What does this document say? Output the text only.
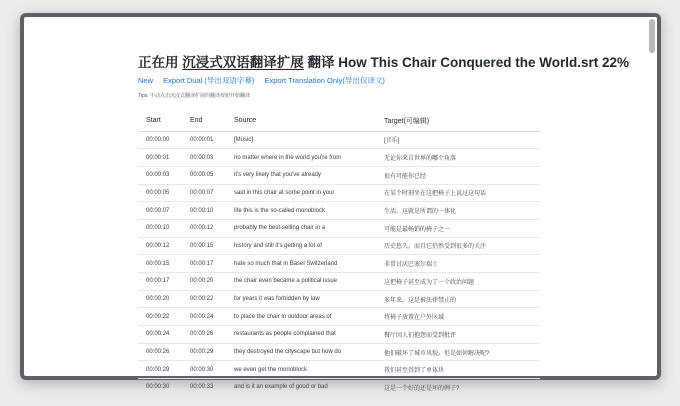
正在用 沉浸式双语翻译扩展 翻译 How This Chair Conquered the World.srt 22%
New Export Dual (导出双语字幕) Export Translation Only(导出仅译文)
Tips: 手动点击沉浸式翻译扩展的翻译按钮开始翻译
Start	End	Source	Target(可编辑)
00:00:00	00:00:01	[Music]	[音乐]
00:00:01	00:00:03	no matter where in the world you're from	无论你来自世界的哪个角落
00:00:03	00:00:05	it's very likely that you've already	很有可能你已经
00:00:05	00:00:07	said in this chair at some point in your	在某个时刻坐在这把椅子上说过这句话
00:00:07	00:00:10	life this is the so-called monoblock	生活。这就是所谓的一体化
00:00:10	00:00:12	probably the best-selling chair in a	可能是最畅销的椅子之一
00:00:12	00:00:15	history and still it's getting a lot of	历史悠久。而且它仍然受到很多的关注
00:00:15	00:00:17	hate so much that in Basel Switzerland	非常讨厌巴塞尔瑞士
00:00:17	00:00:20	the chair even became a political issue	这把椅子甚至成为了一个政治问题
00:00:20	00:00:22	for years it was forbidden by law	多年来，这是被法律禁止的
00:00:22	00:00:24	to place the chair in outdoor areas of	将椅子放置在户外区域
00:00:24	00:00:26	restaurants as people complained that	餐厅因人们抱怨而受到批评
00:00:26	00:00:29	they destroyed the cityscape but how do	他们破坏了城市风貌。但是如何解决呢?
00:00:29	00:00:30	we even get the monoblock	我们甚至得到了单体块
00:00:30	00:00:33	and is it an example of good or bad	这是一个好的还是坏的例子?
